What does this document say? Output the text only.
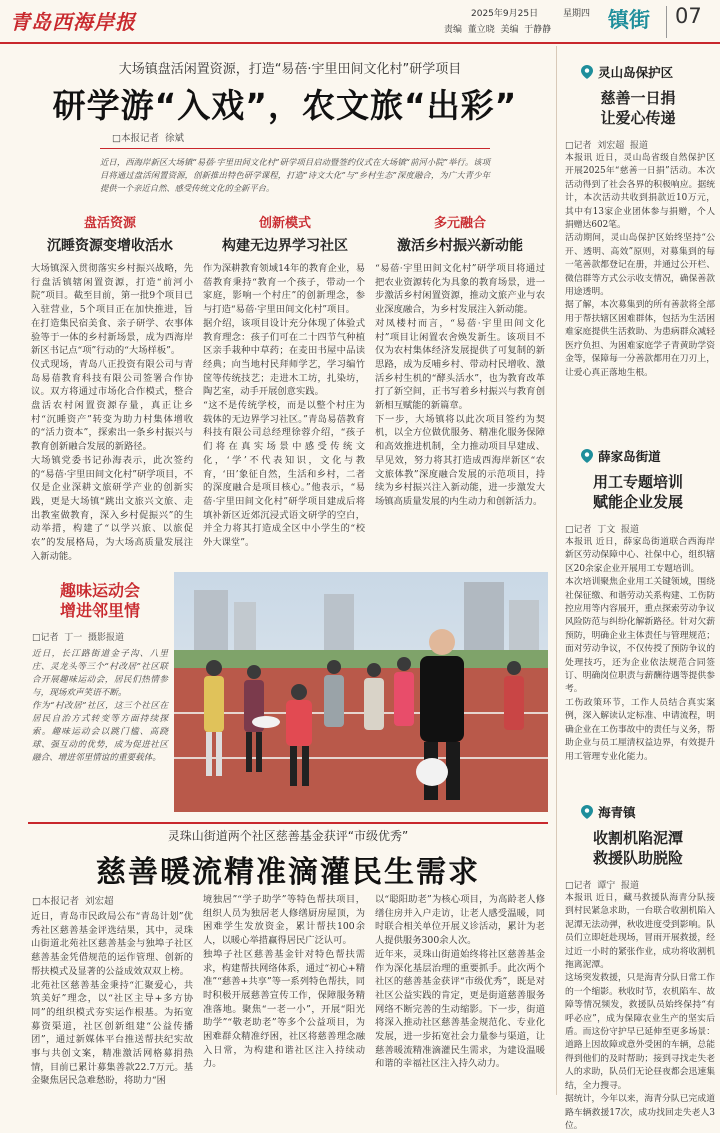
青岛西海岸报	2025年9月25日	星期四
责编  董立晓  美编  于静静	镇街 07
大场镇盘活闲置资源，打造“易蓓·宇里田间文化村”研学项目
研学游“入戏”，农文旅“出彩”
□本报记者  徐斌
近日，西海岸新区大场镇“易蓓·宇里田间文化村”研学项目启动暨签约仪式在大场镇“前河小院”举行。该项目将通过盘活闲置资源，创新推出特色研学课程，打造“诗文大化”与“乡村生态”深度融合，为广大青少年提供一个亲近自然、感受传统文化的全新平台。
盘活资源
沉睡资源变增收活水
创新模式
构建无边界学习社区
多元融合
激活乡村振兴新动能
大场镇深入贯彻落实乡村振兴战略，先行盘活镇辖闲置资源，打造“前河小院”项目。截至目前，第一批9个项目已入驻营业，5个项目正在加快推进，旨在打造集民宿美食、亲子研学、农事体验等于一体的乡村新场景，成为西海岸新区书记点“项”行动的“大场样板”。
仪式现场，青岛八正投资有限公司与青岛易蓓教育科技有限公司签署合作协议。双方将通过市场化合作模式，整合盘活农村闲置资源存量，真正让乡村“沉睡资产”转变为助力村集体增收的“活力资本”，探索出一条乡村振兴与教育创新融合发展的新路径。
大场镇党委书记孙海表示，此次签约的“易蓓·宇里田间文化村”研学项目，不仅是企业深耕文旅研学产业的创新实践，更是大场镇“跳出文旅兴文旅、走出教室做教育，深入乡村促振兴”的生动举措，构建了“以学兴旅、以旅促农”的发展格局，为大场高质量发展注入新动能。
作为深耕教育领域14年的教育企业，易蓓教育秉持“教育一个孩子，带动一个家庭，影响一个村庄”的创新理念，参与打造“易蓓·宇里田间文化村”项目。
据介绍，该项目设计充分体现了体验式教育理念：孩子们可在二十四节气种植区亲手栽种中草药；在麦田书屋中品读经典；向当地村民拜师学艺，学习编竹筐等传统技艺；走进木工坊，扎染坊，陶艺室，动手开展创意实践。
“这不是传统学校，而是以整个村庄为载体的无边界学习社区。”青岛易蓓教育科技有限公司总经理徐蓉介绍，“孩子们将在真实场景中感受传统文化，‘学’不代表知识，文化与教育，‘田’象征自然，生活和乡村，二者的深度融合是项目核心。”他表示，“易蓓·宇里田间文化村”研学项目建成后将填补新区近郊沉浸式语文研学的空白，并全力将其打造成全区中小学生的“校外大课堂”。
“易蓓·宇里田间文化村”研学项目将通过把农业资源转化为具象的教育场景，进一步激活乡村闲置资源，推动文旅产业与农业深度融合，为乡村发展注入新动能。
对凤楼村而言，“易蓓·宇里田间文化村”项目让闲置农舍焕发新生。该项目不仅为农村集体经济发展提供了可复制的新思路，成为反哺乡村、带动村民增收、激活乡村生机的“酵头活水”，也为教育改革打了新空间，正书写着乡村振兴与教育创新相互赋能的新篇章。
下一步，大场镇将以此次项目签约为契机，以全方位做优服务、精准化服务保障和高效推进机制，全力推动项目早建成、早见效，努力将其打造成西海岸新区“农文旅体教”深度融合发展的示范项目，持续为乡村振兴注入新动能，进一步激发大场镇高质量发展的内生动力和创新活力。
趣味运动会
增进邻里情
□记者  丁一  摄影报道
近日，长江路街道金子沟、八里庄、灵龙头等三个“村改居”社区联合开展趣味运动会，居民们热情参与，现场欢声笑语不断。
作为“村改居”社区，这三个社区在居民自治方式转变等方面持续探索。趣味运动会以跳门槛、高跷球、强互动的优势，成为促进社区融合、增进邻里情谊的重要载体。
灵珠山街道两个社区慈善基金获评“市级优秀”
慈善暖流精准滴灌民生需求
□本报记者  刘宏超
近日，青岛市民政局公布“青岛计划”优秀社区慈善基金评选结果，其中，灵珠山街道北苑社区慈善基金与独埠子社区慈善基金凭借规范的运作管理、创新的帮扶模式及显著的公益成效双双上榜。
北苑社区慈善基金秉持“汇聚爱心，共筑美好”理念，以“社区主导+多方协同”的组织模式夯实运作根基。为拓宽募资渠道，社区创新组建“公益传播团”，通过新媒体平台推送帮扶纪实故事与共创文案，精准激活网格募捐热情，目前已累计募集善款22.7万元。基金聚焦居民急难愁盼，将助力“困
境独居”“学子助学”等特色帮扶项目，组织人员为独居老人修缮厨房屋顶，为困难学生发放资金，累计帮扶100余人，以暖心举措赢得居民广泛认可。
独埠子社区慈善基金针对特色帮扶需求，构建帮扶网络体系，通过“初心+精准”“慈善+共享”等一系列特色帮扶，同时积极开展慈善宣传工作，保障服务精准落地。聚焦“一老一小”，开展“阳光助学”“敬老助老”等多个公益项目，为困难群众精准纾困，社区将慈善理念融入日常，为构建和谐社区注入持续动力。
以“聪阳助老”为核心项目，为高龄老人修缮住房并入户走访，让老人感受温暖，同时联合相关单位开展义诊活动，累计为老人提供服务300余人次。
近年来，灵珠山街道始终将社区慈善基金作为深化基层治理的重要抓手。此次两个社区的慈善基金获评“市级优秀”，既是对社区公益实践的肯定，更是街道慈善服务网络不断完善的生动缩影。下一步，街道将深入推动社区慈善基金规范化、专业化发展，进一步拓宽社会力量参与渠道，让慈善暖流精准滴灌民生需求，为建设温暖和谐的幸福社区注入持久动力。
灵山岛保护区
慈善一日捐
让爱心传递
□记者  刘宏超  报道
本报讯 近日，灵山岛省级自然保护区开展2025年“慈善一日捐”活动。本次活动得到了社会各界的积极响应。据统计，本次活动共收到捐款近10万元，其中有13家企业团体参与捐赠，个人捐赠达602笔。
活动期间，灵山岛保护区始终坚持“公开、透明、高效”原则，对募集到的每一笔善款都登记在册，并通过公开栏、微信群等方式公示收支情况，确保善款用途透明。
据了解，本次募集到的所有善款将全部用于帮扶辖区困难群体，包括为生活困难家庭提供生活救助、为患病群众减轻医疗负担、为困难家庭学子青黄助学资金等，保障每一分善款都用在刀刃上，让爱心真正落地生根。
薛家岛街道
用工专题培训
赋能企业发展
□记者  丁文  报道
本报讯 近日，薛家岛街道联合西海岸新区劳动保障中心、社保中心，组织辖区20余家企业开展用工专题培训。
本次培训聚焦企业用工关键领域，围绕社保征缴、和谐劳动关系构建、工伤防控应用等内容展开，重点探索劳动争议风险防范与纠纷化解新路径。针对欠薪预防，明确企业主体责任与管理规范；面对劳动争议，不仅传授了预防争议的处理技巧，还为企业依法规范合同签订、明确岗位职责与薪酬待遇等提供参考。
工伤政策环节，工作人员结合真实案例，深入解读认定标准、申请流程，明确企业在工伤事故中的责任与义务，帮助企业与员工厘清权益边界，有效提升用工管理专业化能力。
海青镇
收割机陷泥潭
救援队助脱险
□记者  谭宁  报道
本报讯 近日，藏马救援队海青分队接到村民紧急求助，一台联合收割机陷入泥潭无法动弹，秋收进度受到影响。队员们立即赶赴现场，冒雨开展救援，经过近一小时的紧张作业，成功将收割机拖离泥潭。
这场突发救援，只是海青分队日常工作的一个缩影。秋收时节，农机陷车、故障等情况频发，救援队员始终保持“有呼必应”，成为保障农业生产的坚实后盾。而这份守护早已延伸至更多场景：道路上因故障或意外受困的车辆，总能得到他们的及时帮助；接到寻找走失老人的求助，队员们无论昼夜都会迅速集结，全力搜寻。
据统计，今年以来，海青分队已完成道路车辆救援17次，成功找回走失老人3位。
